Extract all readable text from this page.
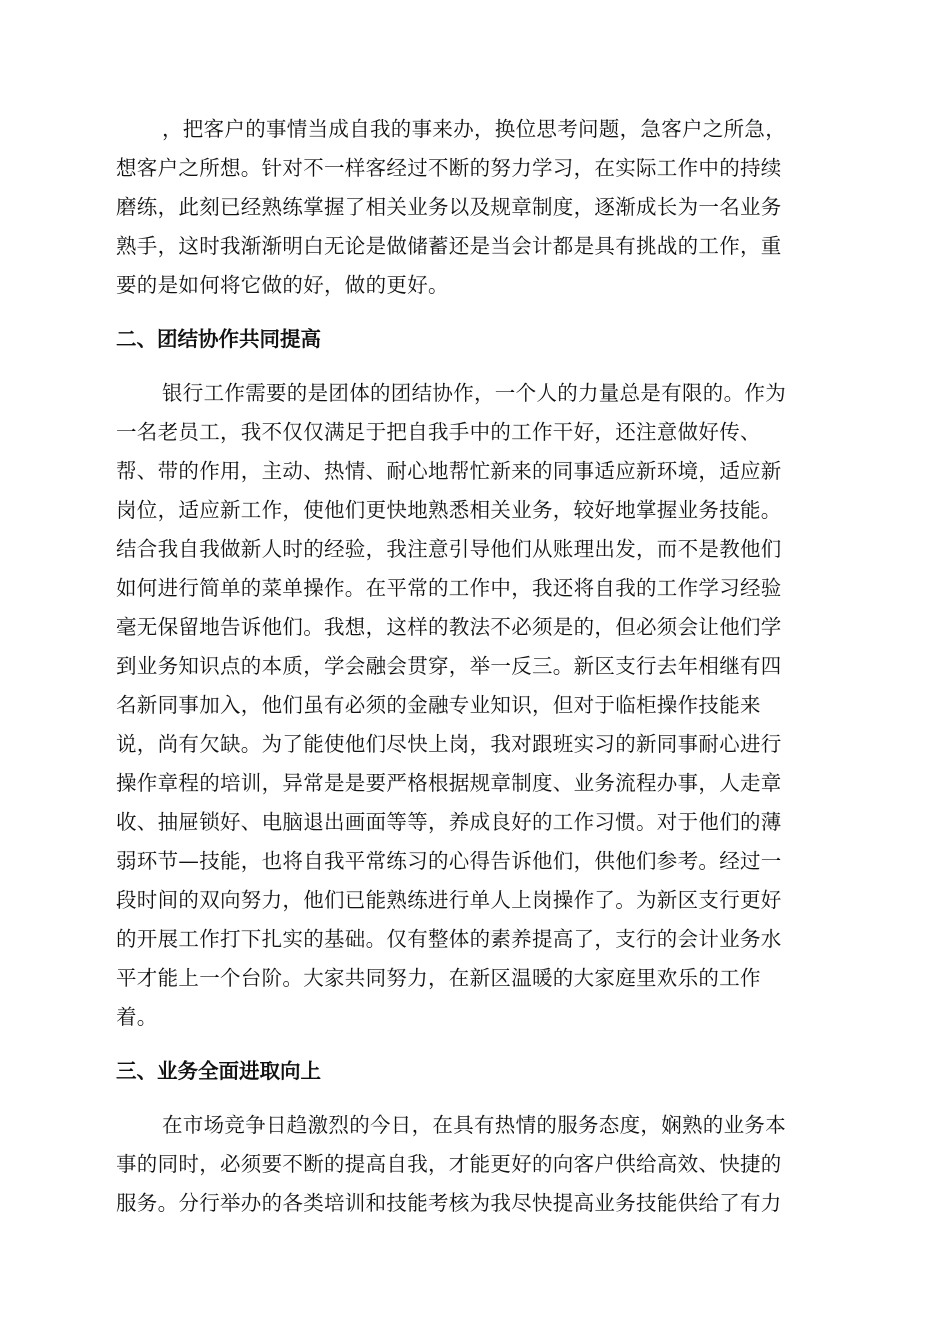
，把客户的事情当成自我的事来办，换位思考问题，急客户之所急，
想客户之所想。针对不一样客经过不断的努力学习，在实际工作中的持续
磨练，此刻已经熟练掌握了相关业务以及规章制度，逐渐成长为一名业务
熟手，这时我渐渐明白无论是做储蓄还是当会计都是具有挑战的工作，重
要的是如何将它做的好，做的更好。
二、团结协作共同提高
银行工作需要的是团体的团结协作，一个人的力量总是有限的。作为
一名老员工，我不仅仅满足于把自我手中的工作干好，还注意做好传、
帮、带的作用，主动、热情、耐心地帮忙新来的同事适应新环境，适应新
岗位，适应新工作，使他们更快地熟悉相关业务，较好地掌握业务技能。
结合我自我做新人时的经验，我注意引导他们从账理出发，而不是教他们
如何进行简单的菜单操作。在平常的工作中，我还将自我的工作学习经验
毫无保留地告诉他们。我想，这样的教法不必须是的，但必须会让他们学
到业务知识点的本质，学会融会贯穿，举一反三。新区支行去年相继有四
名新同事加入，他们虽有必须的金融专业知识，但对于临柜操作技能来
说，尚有欠缺。为了能使他们尽快上岗，我对跟班实习的新同事耐心进行
操作章程的培训，异常是是要严格根据规章制度、业务流程办事，人走章
收、抽屉锁好、电脑退出画面等等，养成良好的工作习惯。对于他们的薄
弱环节—技能，也将自我平常练习的心得告诉他们，供他们参考。经过一
段时间的双向努力，他们已能熟练进行单人上岗操作了。为新区支行更好
的开展工作打下扎实的基础。仅有整体的素养提高了，支行的会计业务水
平才能上一个台阶。大家共同努力，在新区温暖的大家庭里欢乐的工作
着。
三、业务全面进取向上
在市场竞争日趋激烈的今日，在具有热情的服务态度，娴熟的业务本
事的同时，必须要不断的提高自我，才能更好的向客户供给高效、快捷的
服务。分行举办的各类培训和技能考核为我尽快提高业务技能供给了有力
